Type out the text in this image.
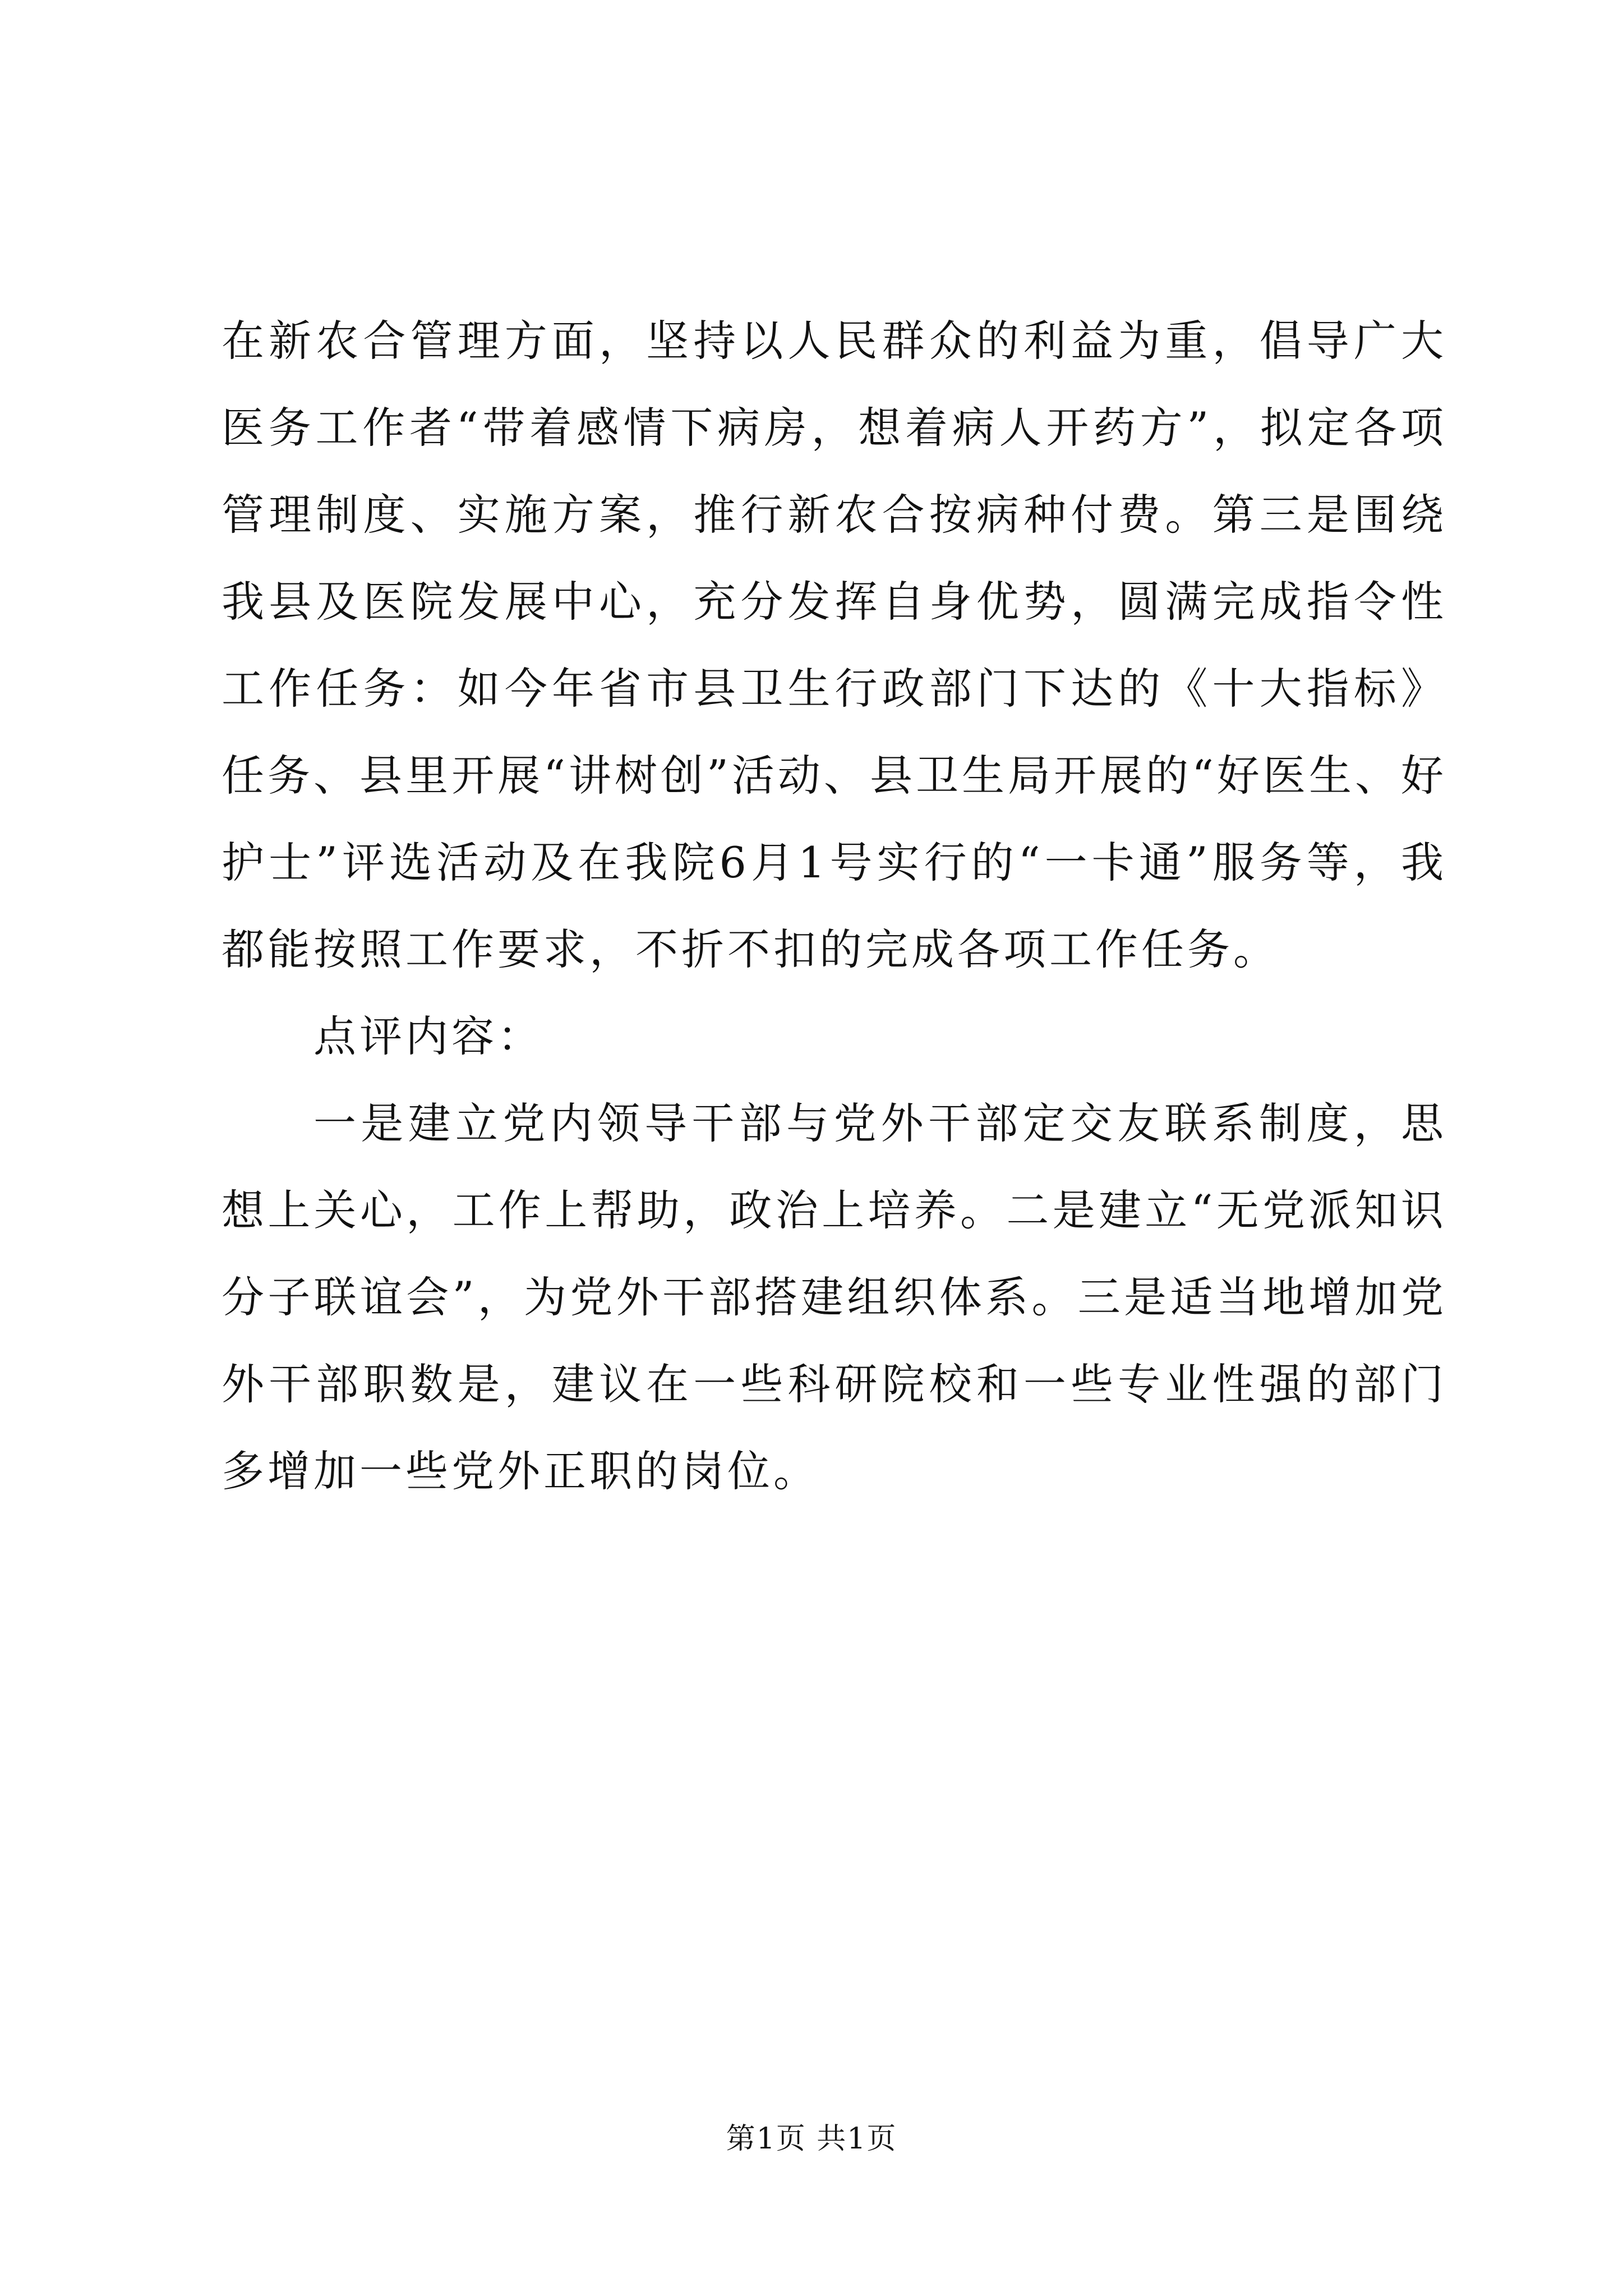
在新农合管理方面，坚持以人民群众的利益为重，倡导广大医务工作者“带着感情下病房，想着病人开药方”，拟定各项管理制度、实施方案，推行新农合按病种付费。第三是围绕我县及医院发展中心，充分发挥自身优势，圆满完成指令性工作任务：如今年省市县卫生行政部门下达的《十大指标》任务、县里开展“讲树创”活动、县卫生局开展的“好医生、好护士”评选活动及在我院6月1号实行的“一卡通”服务等，我都能按照工作要求，不折不扣的完成各项工作任务。

点评内容：

一是建立党内领导干部与党外干部定交友联系制度，思想上关心，工作上帮助，政治上培养。二是建立“无党派知识分子联谊会”，为党外干部搭建组织体系。三是适当地增加党外干部职数是，建议在一些科研院校和一些专业性强的部门多增加一些党外正职的岗位。

第1页 共1页
